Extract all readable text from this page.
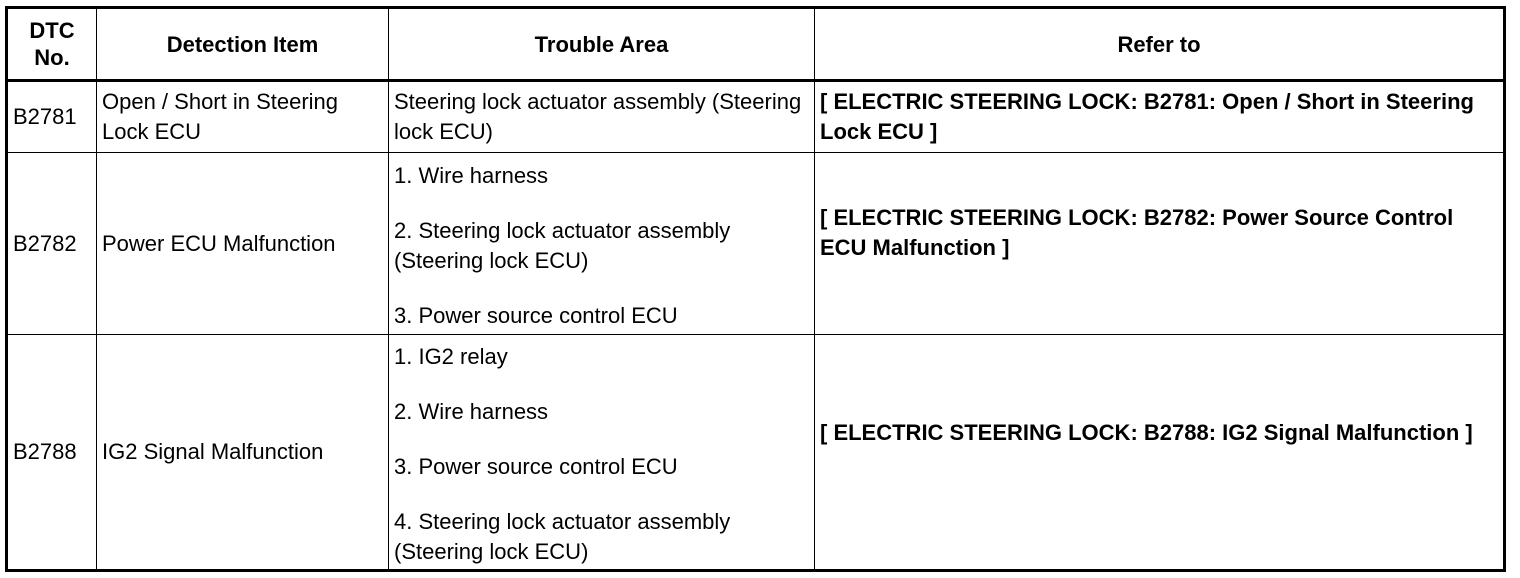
DTC No.	Detection Item	Trouble Area	Refer to
B2781	Open / Short in Steering Lock ECU	Steering lock actuator assembly (Steering lock ECU)	[ ELECTRIC STEERING LOCK: B2781: Open / Short in Steering Lock ECU ]

B2782	Power ECU Malfunction	1. Wire harness
2. Steering lock actuator assembly (Steering lock ECU)
3. Power source control ECU	[ ELECTRIC STEERING LOCK: B2782: Power Source Control ECU Malfunction ]

B2788	IG2 Signal Malfunction	1. IG2 relay
2. Wire harness
3. Power source control ECU
4. Steering lock actuator assembly (Steering lock ECU)	[ ELECTRIC STEERING LOCK: B2788: IG2 Signal Malfunction ]
